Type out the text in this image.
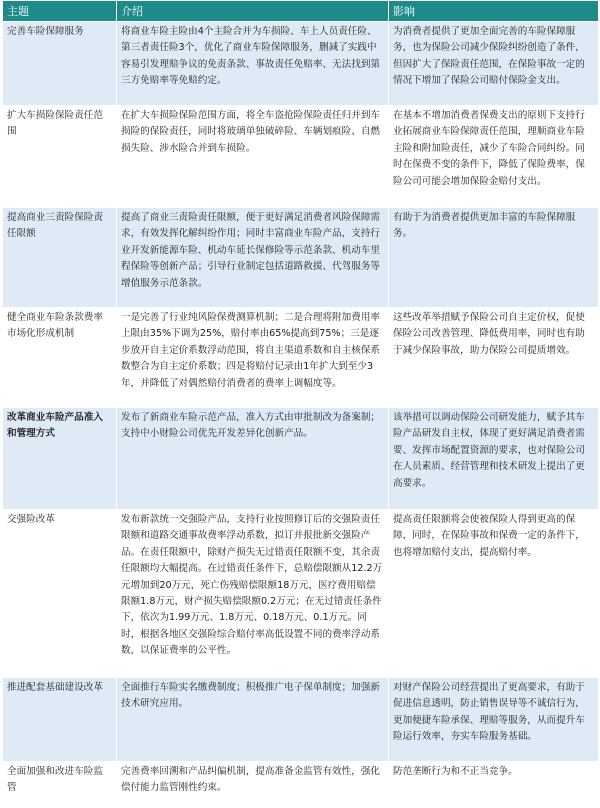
主题	介绍	影响
完善车险保障服务	将商业车险主险由4个主险合并为车损险、车上人员责任险、第三者责任险3个，优化了商业车险保障服务，删减了实践中容易引发理赔争议的免责条款、事故责任免赔率、无法找到第三方免赔率等免赔约定。	为消费者提供了更加全面完善的车险保障服务，也为保险公司减少保险纠纷创造了条件，但因扩大了保险责任范围，在保险事故一定的情况下增加了保险公司赔付保险金支出。
扩大车损险保险责任范围	在扩大车损险保险范围方面，将全车盗抢险保险责任归并到车损险的保险责任，同时将玻璃单独破碎险、车辆划痕险、自燃损失险、涉水险合并到车损险。	在基本不增加消费者保费支出的原则下支持行业拓展商业车险保障责任范围，理顺商业车险主险和附加险责任，减少了车险合同纠纷。同时在保费不变的条件下，降低了保险费率，保险公司可能会增加保险金赔付支出。
提高商业三责险保险责任限额	提高了商业三责险责任限额，便于更好满足消费者风险保障需求，有效发挥化解纠纷作用；同时丰富商业车险产品，支持行业开发新能源车险、机动车延长保修险等示范条款、机动车里程保险等创新产品；引导行业制定包括道路救援、代驾服务等增值服务示范条款。	有助于为消费者提供更加丰富的车险保障服务。
健全商业车险条款费率市场化形成机制	一是完善了行业纯风险保费测算机制；二是合理将附加费用率上限由35%下调为25%，赔付率由65%提高到75%；三是逐步放开自主定价系数浮动范围，将自主渠道系数和自主核保系数整合为自主定价系数；四是将赔付记录由1年扩大到至少3年，并降低了对偶然赔付消费者的费率上调幅度等。	这些改革举措赋予保险公司自主定价权，促使保险公司改善管理、降低费用率，同时也有助于减少保险事故，助力保险公司提质增效。
改革商业车险产品准入和管理方式	发布了新商业车险示范产品，准入方式由审批制改为备案制；支持中小财险公司优先开发差异化创新产品。	该举措可以调动保险公司研发能力，赋予其车险产品研发自主权，体现了更好满足消费者需要、发挥市场配置资源的要求，也对保险公司在人员素质、经营管理和技术研发上提出了更高要求。
交强险改革	发布新款统一交强险产品，支持行业按照修订后的交强险责任限额和道路交通事故费率浮动系数，拟订并报批新交强险产品。在责任限额中，除财产损失无过错责任限额不变，其余责任限额均大幅提高。在过错责任条件下，总赔偿限额从12.2万元增加到20万元，死亡伤残赔偿限额18万元，医疗费用赔偿限额1.8万元，财产损失赔偿限额0.2万元；在无过错责任条件下，依次为1.99万元、1.8万元、0.18万元、0.1万元。同时，根据各地区交强险综合赔付率高低设置不同的费率浮动系数，以保证费率的公平性。	提高责任限额将会使被保险人得到更高的保障，同时，在保险事故和保费一定的条件下，也将增加赔付支出，提高赔付率。
推进配套基础建设改革	全面推行车险实名缴费制度；积极推广电子保单制度；加强新技术研究应用。	对财产保险公司经营提出了更高要求，有助于促进信息透明，防止销售误导等不诚信行为，更加便捷车险承保、理赔等服务，从而提升车险运行效率，夯实车险服务基础。
全面加强和改进车险监管	完善费率回溯和产品纠偏机制，提高准备金监管有效性，强化偿付能力监管刚性约束。	防范垄断行为和不正当竞争。
